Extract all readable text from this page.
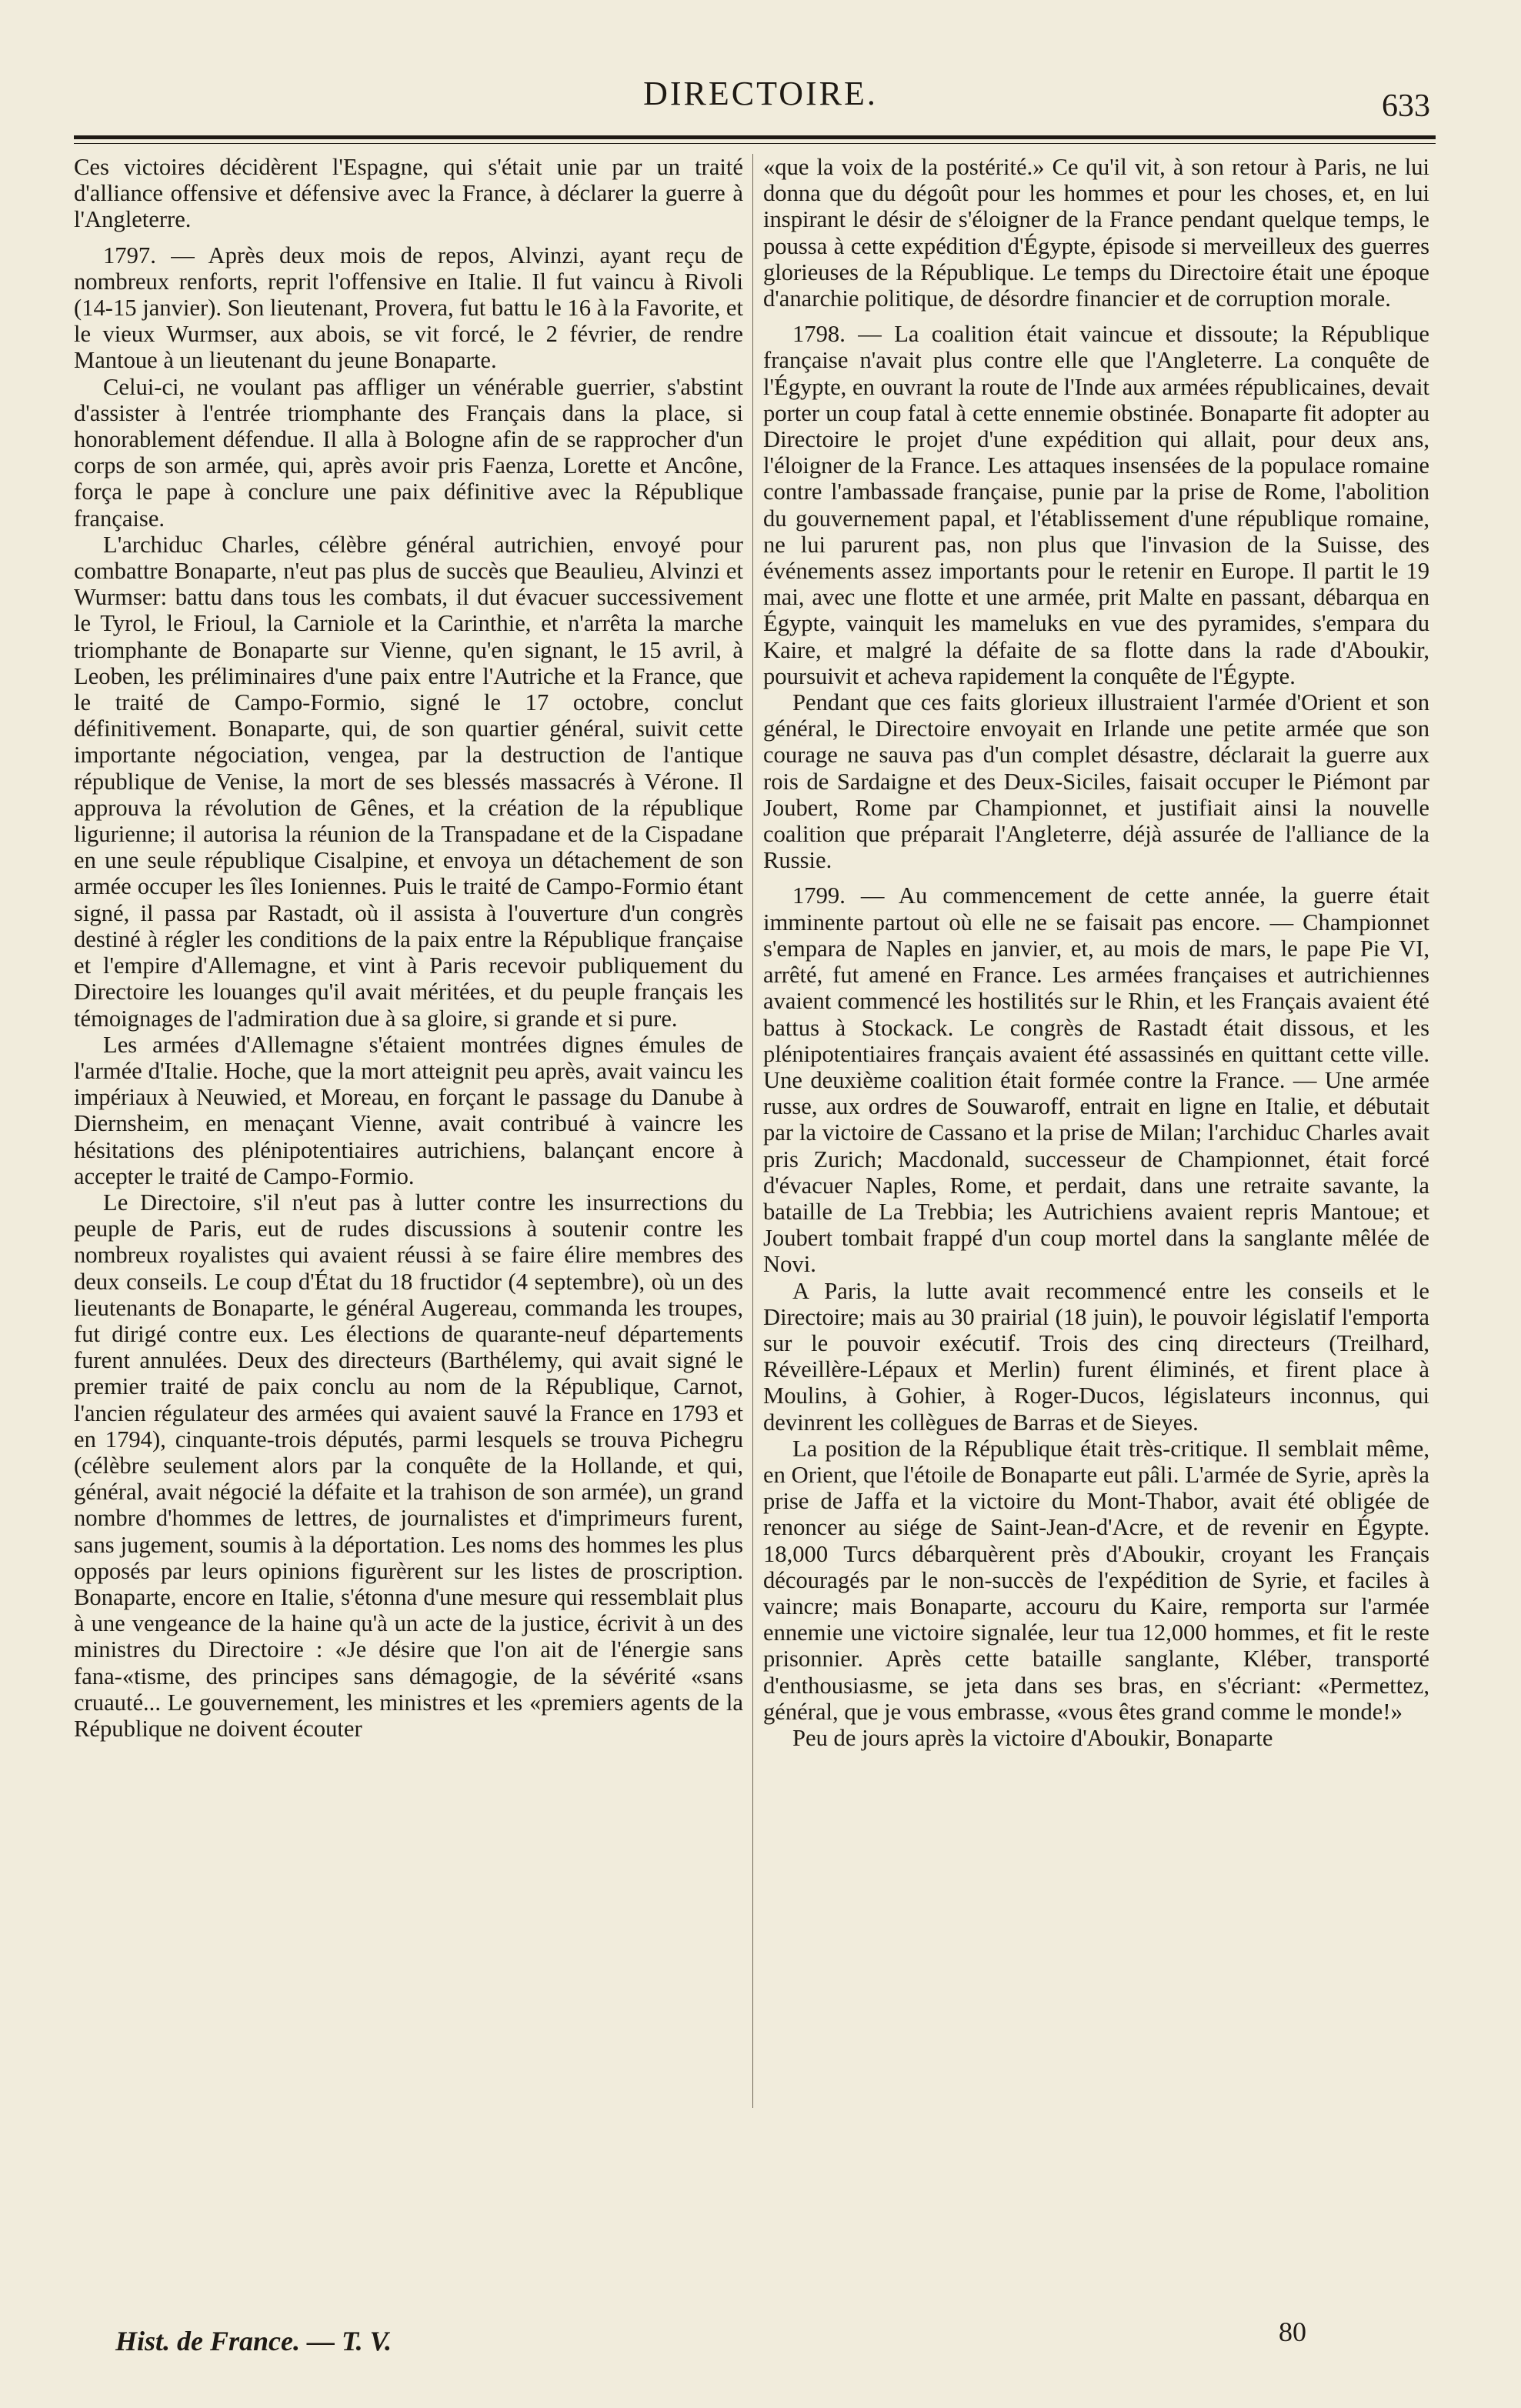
DIRECTOIRE.	633

Ces victoires décidèrent l'Espagne, qui s'était unie par un traité d'alliance offensive et défensive avec la France, à déclarer la guerre à l'Angleterre.

1797. — Après deux mois de repos, Alvinzi, ayant reçu de nombreux renforts, reprit l'offensive en Italie. Il fut vaincu à Rivoli (14-15 janvier). Son lieutenant, Provera, fut battu le 16 à la Favorite, et le vieux Wurmser, aux abois, se vit forcé, le 2 février, de rendre Mantoue à un lieutenant du jeune Bonaparte.

Celui-ci, ne voulant pas affliger un vénérable guerrier, s'abstint d'assister à l'entrée triomphante des Français dans la place, si honorablement défendue. Il alla à Bologne afin de se rapprocher d'un corps de son armée, qui, après avoir pris Faenza, Lorette et Ancône, força le pape à conclure une paix définitive avec la République française.

L'archiduc Charles, célèbre général autrichien, envoyé pour combattre Bonaparte, n'eut pas plus de succès que Beaulieu, Alvinzi et Wurmser: battu dans tous les combats, il dut évacuer successivement le Tyrol, le Frioul, la Carniole et la Carinthie, et n'arrêta la marche triomphante de Bonaparte sur Vienne, qu'en signant, le 15 avril, à Leoben, les préliminaires d'une paix entre l'Autriche et la France, que le traité de Campo-Formio, signé le 17 octobre, conclut définitivement. Bonaparte, qui, de son quartier général, suivit cette importante négociation, vengea, par la destruction de l'antique république de Venise, la mort de ses blessés massacrés à Vérone. Il approuva la révolution de Gênes, et la création de la république ligurienne; il autorisa la réunion de la Transpadane et de la Cispadane en une seule république Cisalpine, et envoya un détachement de son armée occuper les îles Ioniennes. Puis le traité de Campo-Formio étant signé, il passa par Rastadt, où il assista à l'ouverture d'un congrès destiné à régler les conditions de la paix entre la République française et l'empire d'Allemagne, et vint à Paris recevoir publiquement du Directoire les louanges qu'il avait méritées, et du peuple français les témoignages de l'admiration due à sa gloire, si grande et si pure.

Les armées d'Allemagne s'étaient montrées dignes émules de l'armée d'Italie. Hoche, que la mort atteignit peu après, avait vaincu les impériaux à Neuwied, et Moreau, en forçant le passage du Danube à Diernsheim, en menaçant Vienne, avait contribué à vaincre les hésitations des plénipotentiaires autrichiens, balançant encore à accepter le traité de Campo-Formio.

Le Directoire, s'il n'eut pas à lutter contre les insurrections du peuple de Paris, eut de rudes discussions à soutenir contre les nombreux royalistes qui avaient réussi à se faire élire membres des deux conseils. Le coup d'État du 18 fructidor (4 septembre), où un des lieutenants de Bonaparte, le général Augereau, commanda les troupes, fut dirigé contre eux. Les élections de quarante-neuf départements furent annulées. Deux des directeurs (Barthélemy, qui avait signé le premier traité de paix conclu au nom de la République, Carnot, l'ancien régulateur des armées qui avaient sauvé la France en 1793 et en 1794), cinquante-trois députés, parmi lesquels se trouva Pichegru (célèbre seulement alors par la conquête de la Hollande, et qui, général, avait négocié la défaite et la trahison de son armée), un grand nombre d'hommes de lettres, de journalistes et d'imprimeurs furent, sans jugement, soumis à la déportation. Les noms des hommes les plus opposés par leurs opinions figurèrent sur les listes de proscription. Bonaparte, encore en Italie, s'étonna d'une mesure qui ressemblait plus à une vengeance de la haine qu'à un acte de la justice, écrivit à un des ministres du Directoire : «Je désire que l'on ait de l'énergie sans fana-«tisme, des principes sans démagogie, de la sévérité «sans cruauté... Le gouvernement, les ministres et les «premiers agents de la République ne doivent écouter

«que la voix de la postérité.» Ce qu'il vit, à son retour à Paris, ne lui donna que du dégoût pour les hommes et pour les choses, et, en lui inspirant le désir de s'éloigner de la France pendant quelque temps, le poussa à cette expédition d'Égypte, épisode si merveilleux des guerres glorieuses de la République. Le temps du Directoire était une époque d'anarchie politique, de désordre financier et de corruption morale.

1798. — La coalition était vaincue et dissoute; la République française n'avait plus contre elle que l'Angleterre. La conquête de l'Égypte, en ouvrant la route de l'Inde aux armées républicaines, devait porter un coup fatal à cette ennemie obstinée. Bonaparte fit adopter au Directoire le projet d'une expédition qui allait, pour deux ans, l'éloigner de la France. Les attaques insensées de la populace romaine contre l'ambassade française, punie par la prise de Rome, l'abolition du gouvernement papal, et l'établissement d'une république romaine, ne lui parurent pas, non plus que l'invasion de la Suisse, des événements assez importants pour le retenir en Europe. Il partit le 19 mai, avec une flotte et une armée, prit Malte en passant, débarqua en Égypte, vainquit les mameluks en vue des pyramides, s'empara du Kaire, et malgré la défaite de sa flotte dans la rade d'Aboukir, poursuivit et acheva rapidement la conquête de l'Égypte.

Pendant que ces faits glorieux illustraient l'armée d'Orient et son général, le Directoire envoyait en Irlande une petite armée que son courage ne sauva pas d'un complet désastre, déclarait la guerre aux rois de Sardaigne et des Deux-Siciles, faisait occuper le Piémont par Joubert, Rome par Championnet, et justifiait ainsi la nouvelle coalition que préparait l'Angleterre, déjà assurée de l'alliance de la Russie.

1799. — Au commencement de cette année, la guerre était imminente partout où elle ne se faisait pas encore. — Championnet s'empara de Naples en janvier, et, au mois de mars, le pape Pie VI, arrêté, fut amené en France. Les armées françaises et autrichiennes avaient commencé les hostilités sur le Rhin, et les Français avaient été battus à Stockack. Le congrès de Rastadt était dissous, et les plénipotentiaires français avaient été assassinés en quittant cette ville. Une deuxième coalition était formée contre la France. — Une armée russe, aux ordres de Souwaroff, entrait en ligne en Italie, et débutait par la victoire de Cassano et la prise de Milan; l'archiduc Charles avait pris Zurich; Macdonald, successeur de Championnet, était forcé d'évacuer Naples, Rome, et perdait, dans une retraite savante, la bataille de La Trebbia; les Autrichiens avaient repris Mantoue; et Joubert tombait frappé d'un coup mortel dans la sanglante mêlée de Novi.

A Paris, la lutte avait recommencé entre les conseils et le Directoire; mais au 30 prairial (18 juin), le pouvoir législatif l'emporta sur le pouvoir exécutif. Trois des cinq directeurs (Treilhard, Réveillère-Lépaux et Merlin) furent éliminés, et firent place à Moulins, à Gohier, à Roger-Ducos, législateurs inconnus, qui devinrent les collègues de Barras et de Sieyes.

La position de la République était très-critique. Il semblait même, en Orient, que l'étoile de Bonaparte eut pâli. L'armée de Syrie, après la prise de Jaffa et la victoire du Mont-Thabor, avait été obligée de renoncer au siége de Saint-Jean-d'Acre, et de revenir en Égypte. 18,000 Turcs débarquèrent près d'Aboukir, croyant les Français découragés par le non-succès de l'expédition de Syrie, et faciles à vaincre; mais Bonaparte, accouru du Kaire, remporta sur l'armée ennemie une victoire signalée, leur tua 12,000 hommes, et fit le reste prisonnier. Après cette bataille sanglante, Kléber, transporté d'enthousiasme, se jeta dans ses bras, en s'écriant: «Permettez, général, que je vous embrasse, «vous êtes grand comme le monde!»

Peu de jours après la victoire d'Aboukir, Bonaparte

Hist. de France. — T. V.	80
